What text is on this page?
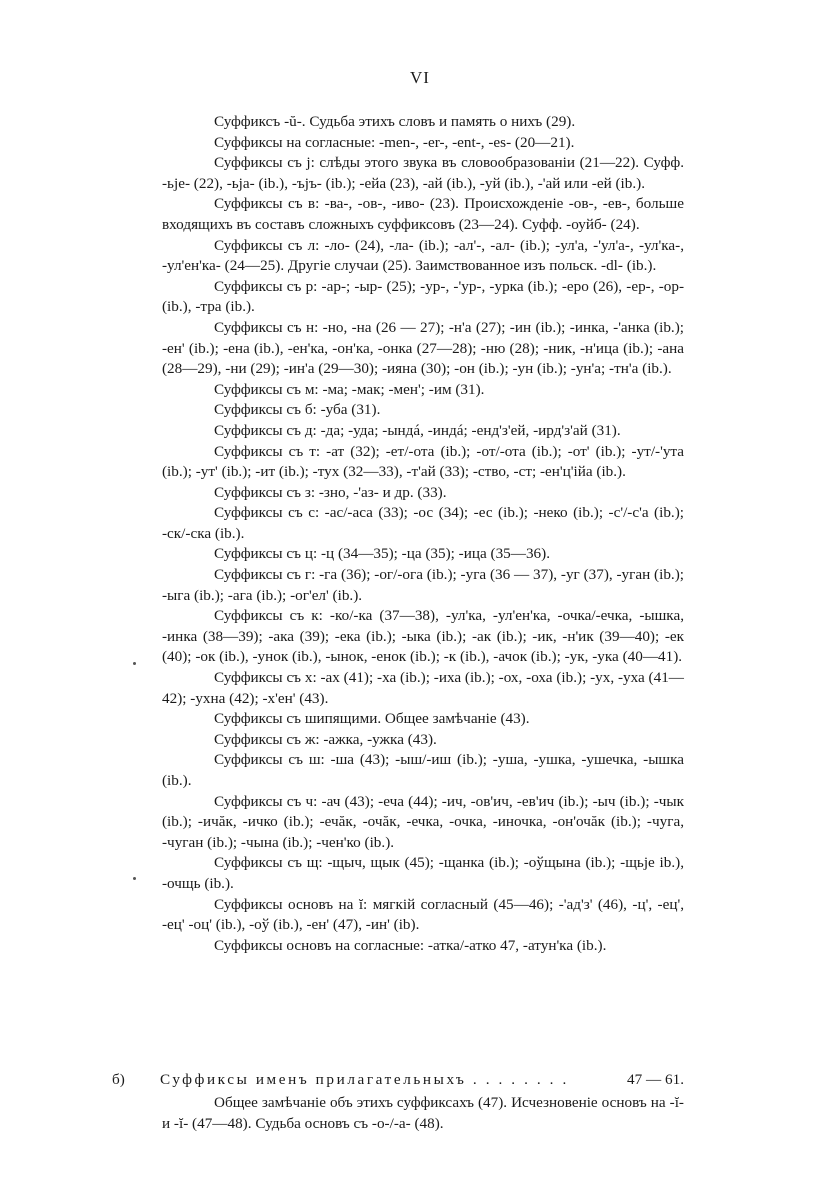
VI

Суффиксъ -ŭ-. Судьба этихъ словъ и память о нихъ (29).

Суффиксы на согласные: -men-, -er-, -ent-, -es- (20—21).

Суффиксы съ j: слѣды этого звука въ словообразованіи (21—22). Суфф. -ьје- (22), -ьја- (ib.), -ъјъ- (ib.); -ейа (23), -ай (ib.), -уй (ib.), -'ай или -ей (ib.).

Суффиксы съ в: -ва-, -ов-, -иво- (23). Происхожденіе -ов-, -ев-, больше входящихъ въ составъ сложныхъ суффиксовъ (23—24). Суфф. -оуйб- (24).

Суффиксы съ л: -ло- (24), -ла- (ib.); -ал'-, -ал- (ib.); -ул'а, -'ул'а-, -ул'ка-, -ул'ен'ка- (24—25). Другіе случаи (25). Заимствованное изъ польск. -dl- (ib.).

Суффиксы съ р: -ар-; -ыр- (25); -ур-, -'ур-, -урка (ib.); -еро (26), -ер-, -ор- (ib.), -тра (ib.).

Суффиксы съ н: -но, -на (26 — 27); -н'а (27); -ин (ib.); -инка, -'анка (ib.); -ен' (ib.); -ена (ib.), -ен'ка, -он'ка, -онка (27—28); -ню (28); -ник, -н'ица (ib.); -ана (28—29), -ни (29); -ин'а (29—30); -ияна (30); -он (ib.); -ун (ib.); -ун'а; -тн'а (ib.).

Суффиксы съ м: -ма; -мак; -мен'; -им (31).

Суффиксы съ б: -уба (31).

Суффиксы съ д: -да; -уда; -ындá, -индá; -енд'з'ей, -ирд'з'ай (31).

Суффиксы съ т: -ат (32); -ет/-ота (ib.); -от/-ота (ib.); -от' (ib.); -ут/-'ута (ib.); -ут' (ib.); -ит (ib.); -тух (32—33), -т'ай (33); -ство, -ст; -ен'ц'ійа (ib.).

Суффиксы съ з: -зно, -'аз- и др. (33).

Суффиксы съ с: -ас/-аса (33); -ос (34); -ес (ib.); -неко (ib.); -с'/-с'а (ib.); -ск/-ска (ib.).

Суффиксы съ ц: -ц (34—35); -ца (35); -ица (35—36).

Суффиксы съ г: -га (36); -ог/-ога (ib.); -уга (36 — 37), -уг (37), -уган (ib.); -ыга (ib.); -ага (ib.); -ог'ел' (ib.).

Суффиксы съ к: -ко/-ка (37—38), -ул'ка, -ул'ен'ка, -очка/-ечка, -ышка, -инка (38—39); -ака (39); -ека (ib.); -ыка (ib.); -ак (ib.); -ик, -н'ик (39—40); -ек (40); -ок (ib.), -унок (ib.), -ынок, -енок (ib.); -к (ib.), -ачок (ib.); -ук, -ука (40—41).

Суффиксы съ х: -ах (41); -ха (ib.); -иха (ib.); -ох, -оха (ib.); -ух, -уха (41—42); -ухна (42); -х'ен' (43).

Суффиксы съ шипящими. Общее замѣчаніе (43).

Суффиксы съ ж: -ажка, -ужка (43).

Суффиксы съ ш: -ша (43); -ыш/-иш (ib.); -уша, -ушка, -ушечка, -ышка (ib.).

Суффиксы съ ч: -ач (43); -еча (44); -ич, -ов'ич, -ев'ич (ib.); -ыч (ib.); -чык (ib.); -ичăк, -ичко (ib.); -ечăк, -очăк, -ечка, -очка, -иночка, -он'очăк (ib.); -чуга, -чуган (ib.); -чына (ib.); -чен'ко (ib.).

Суффиксы съ щ: -щыч, щык (45); -щанка (ib.); -оўщына (ib.); -щьје ib.), -очщь (ib.).

Суффиксы основъ на ĭ: мягкій согласный (45—46); -'ад'з' (46), -ц', -ец', -ец' -оц' (ib.), -оў (ib.), -ен' (47), -ин' (ib).

Суффиксы основъ на согласные: -атка/-атко 47, -атун'ка (ib.).

б)	Суффиксы именъ прилагательныхъ . . . . . . . .	47 — 61.

Общее замѣчаніе объ этихъ суффиксахъ (47). Исчезновеніе основъ на -ĭ- и -ĭ- (47—48). Судьба основъ съ -о-/-а- (48).
